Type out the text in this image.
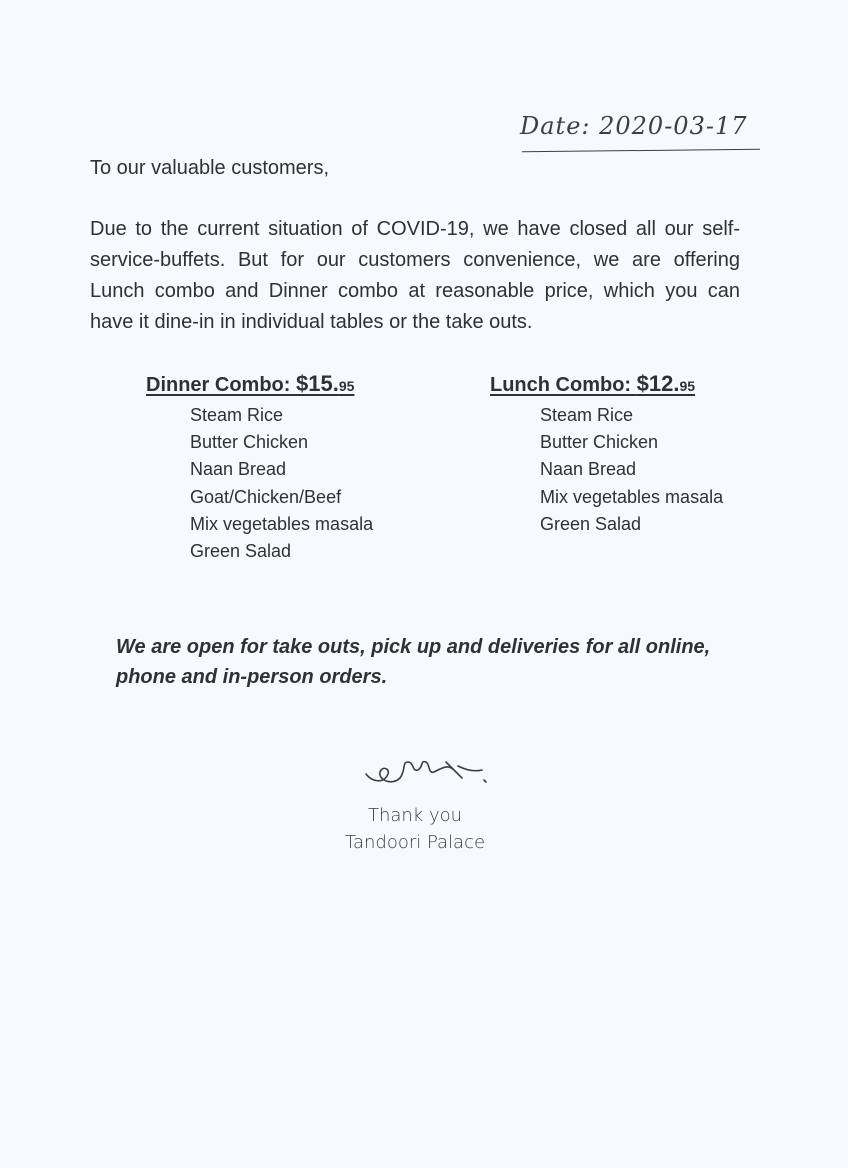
Date: 2020-03-17
To our valuable customers,

Due to the current situation of COVID-19, we have closed all our self-service-buffets. But for our customers convenience, we are offering Lunch combo and Dinner combo at reasonable price, which you can have it dine-in in individual tables or the take outs.

Dinner Combo: $15.95
Steam Rice
Butter Chicken
Naan Bread
Goat/Chicken/Beef
Mix vegetables masala
Green Salad
Lunch Combo: $12.95
Steam Rice
Butter Chicken
Naan Bread
Mix vegetables masala
Green Salad

We are open for take outs, pick up and deliveries for all online, phone and in-person orders.

Thank you
Tandoori Palace
